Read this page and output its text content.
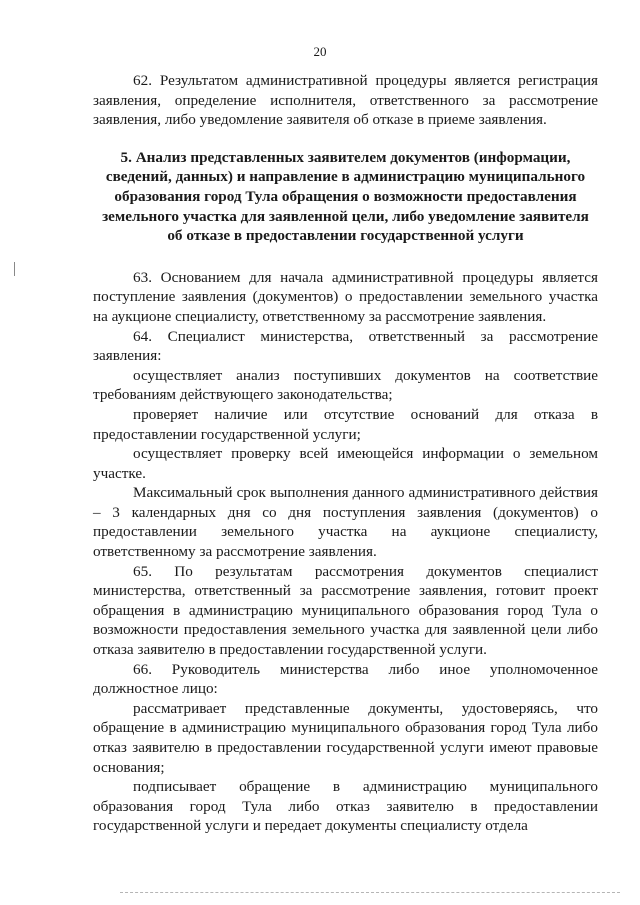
20

62. Результатом административной процедуры является регистрация заявления, определение исполнителя, ответственного за рассмотрение заявления, либо уведомление заявителя об отказе в приеме заявления.

5. Анализ представленных заявителем документов (информации, сведений, данных) и направление в администрацию муниципального образования город Тула обращения о возможности предоставления земельного участка для заявленной цели, либо уведомление заявителя об отказе в предоставлении государственной услуги

63. Основанием для начала административной процедуры является поступление заявления (документов) о предоставлении земельного участка на аукционе специалисту, ответственному за рассмотрение заявления.

64. Специалист министерства, ответственный за рассмотрение заявления:

осуществляет анализ поступивших документов на соответствие требованиям действующего законодательства;

проверяет наличие или отсутствие оснований для отказа в предоставлении государственной услуги;

осуществляет проверку всей имеющейся информации о земельном участке.

Максимальный срок выполнения данного административного действия – 3 календарных дня со дня поступления заявления (документов) о предоставлении земельного участка на аукционе специалисту, ответственному за рассмотрение заявления.

65. По результатам рассмотрения документов специалист министерства, ответственный за рассмотрение заявления, готовит проект обращения в администрацию муниципального образования город Тула о возможности предоставления земельного участка для заявленной цели либо отказа заявителю в предоставлении государственной услуги.

66. Руководитель министерства либо иное уполномоченное должностное лицо:

рассматривает представленные документы, удостоверяясь, что обращение в администрацию муниципального образования город Тула либо отказ заявителю в предоставлении государственной услуги имеют правовые основания;

подписывает обращение в администрацию муниципального образования город Тула либо отказ заявителю в предоставлении государственной услуги и передает документы специалисту отдела
